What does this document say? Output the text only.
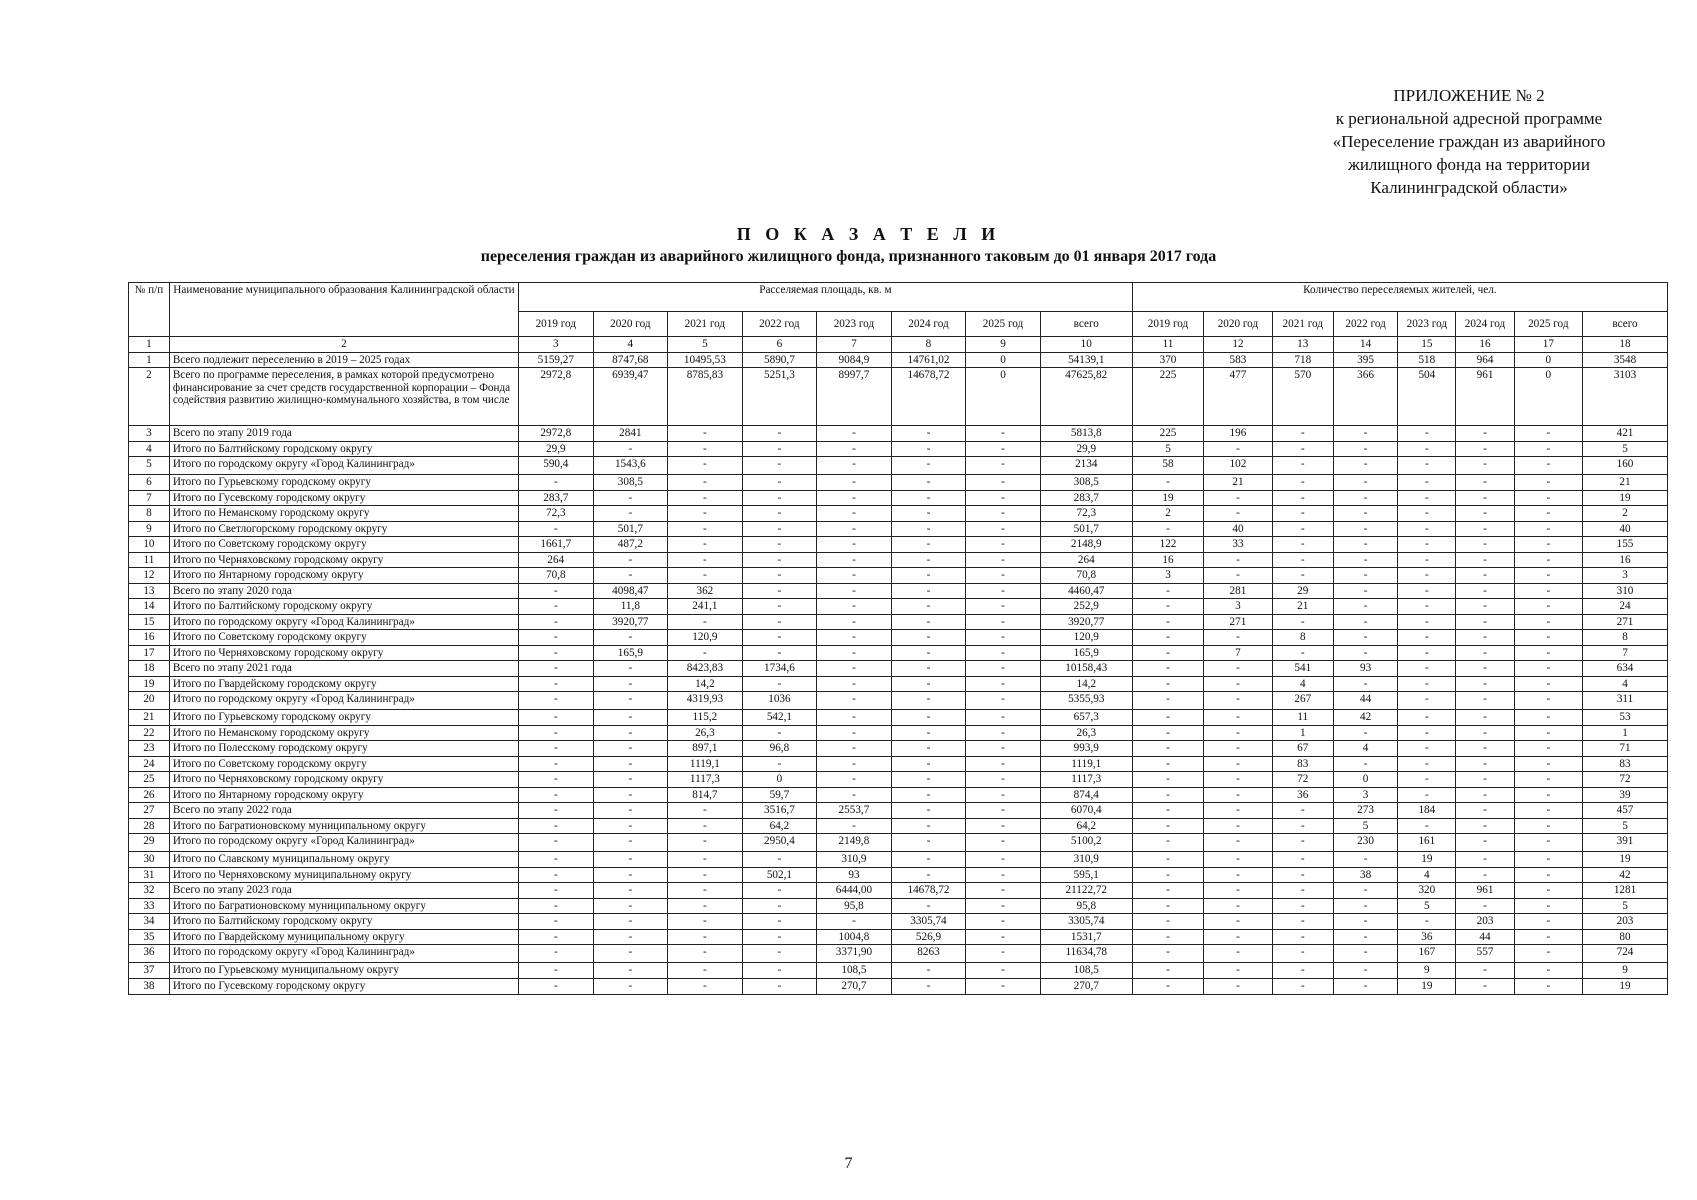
ПРИЛОЖЕНИЕ № 2
к региональной адресной программе
«Переселение граждан из аварийного
жилищного фонда на территории
Калининградской области»
П О К А З А Т Е Л И
переселения граждан из аварийного жилищного фонда, признанного таковым до 01 января 2017 года
№ п/п	Наименование муниципального образования Калининградской области	Расселяемая площадь, кв. м								Количество переселяемых жителей, чел.							
		2019 год	2020 год	2021 год	2022 год	2023 год	2024 год	2025 год	всего	2019 год	2020 год	2021 год	2022 год	2023 год	2024 год	2025 год	всего
1	2	3	4	5	6	7	8	9	10	11	12	13	14	15	16	17	18
1	Всего подлежит переселению в 2019 – 2025 годах	5159,27	8747,68	10495,53	5890,7	9084,9	14761,02	0	54139,1	370	583	718	395	518	964	0	3548
2	Всего по программе переселения, в рамках которой предусмотрено финансирование за счет средств государственной корпорации – Фонда содействия развитию жилищно-коммунального хозяйства, в том числе	2972,8	6939,47	8785,83	5251,3	8997,7	14678,72	0	47625,82	225	477	570	366	504	961	0	3103
3	Всего по этапу 2019 года	2972,8	2841	-	-	-	-	-	5813,8	225	196	-	-	-	-	-	421
4	Итого по Балтийскому городскому округу	29,9	-	-	-	-	-	-	29,9	5	-	-	-	-	-	-	5
5	Итого по городскому округу «Город Калининград»	590,4	1543,6	-	-	-	-	-	2134	58	102	-	-	-	-	-	160
6	Итого по Гурьевскому городскому округу	-	308,5	-	-	-	-	-	308,5	-	21	-	-	-	-	-	21
7	Итого по Гусевскому городскому округу	283,7	-	-	-	-	-	-	283,7	19	-	-	-	-	-	-	19
8	Итого по Неманскому городскому округу	72,3	-	-	-	-	-	-	72,3	2	-	-	-	-	-	-	2
9	Итого по Светлогорскому городскому округу	-	501,7	-	-	-	-	-	501,7	-	40	-	-	-	-	-	40
10	Итого по Советскому городскому округу	1661,7	487,2	-	-	-	-	-	2148,9	122	33	-	-	-	-	-	155
11	Итого по Черняховскому городскому округу	264	-	-	-	-	-	-	264	16	-	-	-	-	-	-	16
12	Итого по Янтарному городскому округу	70,8	-	-	-	-	-	-	70,8	3	-	-	-	-	-	-	3
13	Всего по этапу 2020 года	-	4098,47	362	-	-	-	-	4460,47	-	281	29	-	-	-	-	310
14	Итого по Балтийскому городскому округу	-	11,8	241,1	-	-	-	-	252,9	-	3	21	-	-	-	-	24
15	Итого по городскому округу «Город Калининград»	-	3920,77	-	-	-	-	-	3920,77	-	271	-	-	-	-	-	271
16	Итого по Советскому городскому округу	-	-	120,9	-	-	-	-	120,9	-	-	8	-	-	-	-	8
17	Итого по Черняховскому городскому округу	-	165,9	-	-	-	-	-	165,9	-	7	-	-	-	-	-	7
18	Всего по этапу 2021 года	-	-	8423,83	1734,6	-	-	-	10158,43	-	-	541	93	-	-	-	634
19	Итого по Гвардейскому городскому округу	-	-	14,2	-	-	-	-	14,2	-	-	4	-	-	-	-	4
20	Итого по городскому округу «Город Калининград»	-	-	4319,93	1036	-	-	-	5355,93	-	-	267	44	-	-	-	311
21	Итого по Гурьевскому городскому округу	-	-	115,2	542,1	-	-	-	657,3	-	-	11	42	-	-	-	53
22	Итого по Неманскому городскому округу	-	-	26,3	-	-	-	-	26,3	-	-	1	-	-	-	-	1
23	Итого по Полесскому городскому округу	-	-	897,1	96,8	-	-	-	993,9	-	-	67	4	-	-	-	71
24	Итого по Советскому городскому округу	-	-	1119,1	-	-	-	-	1119,1	-	-	83	-	-	-	-	83
25	Итого по Черняховскому городскому округу	-	-	1117,3	0	-	-	-	1117,3	-	-	72	0	-	-	-	72
26	Итого по Янтарному городскому округу	-	-	814,7	59,7	-	-	-	874,4	-	-	36	3	-	-	-	39
27	Всего по этапу 2022 года	-	-	-	3516,7	2553,7	-	-	6070,4	-	-	-	273	184	-	-	457
28	Итого по Багратионовскому муниципальному округу	-	-	-	64,2	-	-	-	64,2	-	-	-	5	-	-	-	5
29	Итого по городскому округу «Город Калининград»	-	-	-	2950,4	2149,8	-	-	5100,2	-	-	-	230	161	-	-	391
30	Итого по Славскому муниципальному округу	-	-	-	-	310,9	-	-	310,9	-	-	-	-	19	-	-	19
31	Итого по Черняховскому муниципальному округу	-	-	-	502,1	93	-	-	595,1	-	-	-	38	4	-	-	42
32	Всего по этапу 2023 года	-	-	-	-	6444,00	14678,72	-	21122,72	-	-	-	-	320	961	-	1281
33	Итого по Багратионовскому муниципальному округу	-	-	-	-	95,8	-	-	95,8	-	-	-	-	5	-	-	5
34	Итого по Балтийскому городскому округу	-	-	-	-	-	3305,74	-	3305,74	-	-	-	-	-	203	-	203
35	Итого по Гвардейскому муниципальному округу	-	-	-	-	1004,8	526,9	-	1531,7	-	-	-	-	36	44	-	80
36	Итого по городскому округу «Город Калининград»	-	-	-	-	3371,90	8263	-	11634,78	-	-	-	-	167	557	-	724
37	Итого по Гурьевскому муниципальному округу	-	-	-	-	108,5	-	-	108,5	-	-	-	-	9	-	-	9
38	Итого по Гусевскому городскому округу	-	-	-	-	270,7	-	-	270,7	-	-	-	-	19	-	-	19
7
